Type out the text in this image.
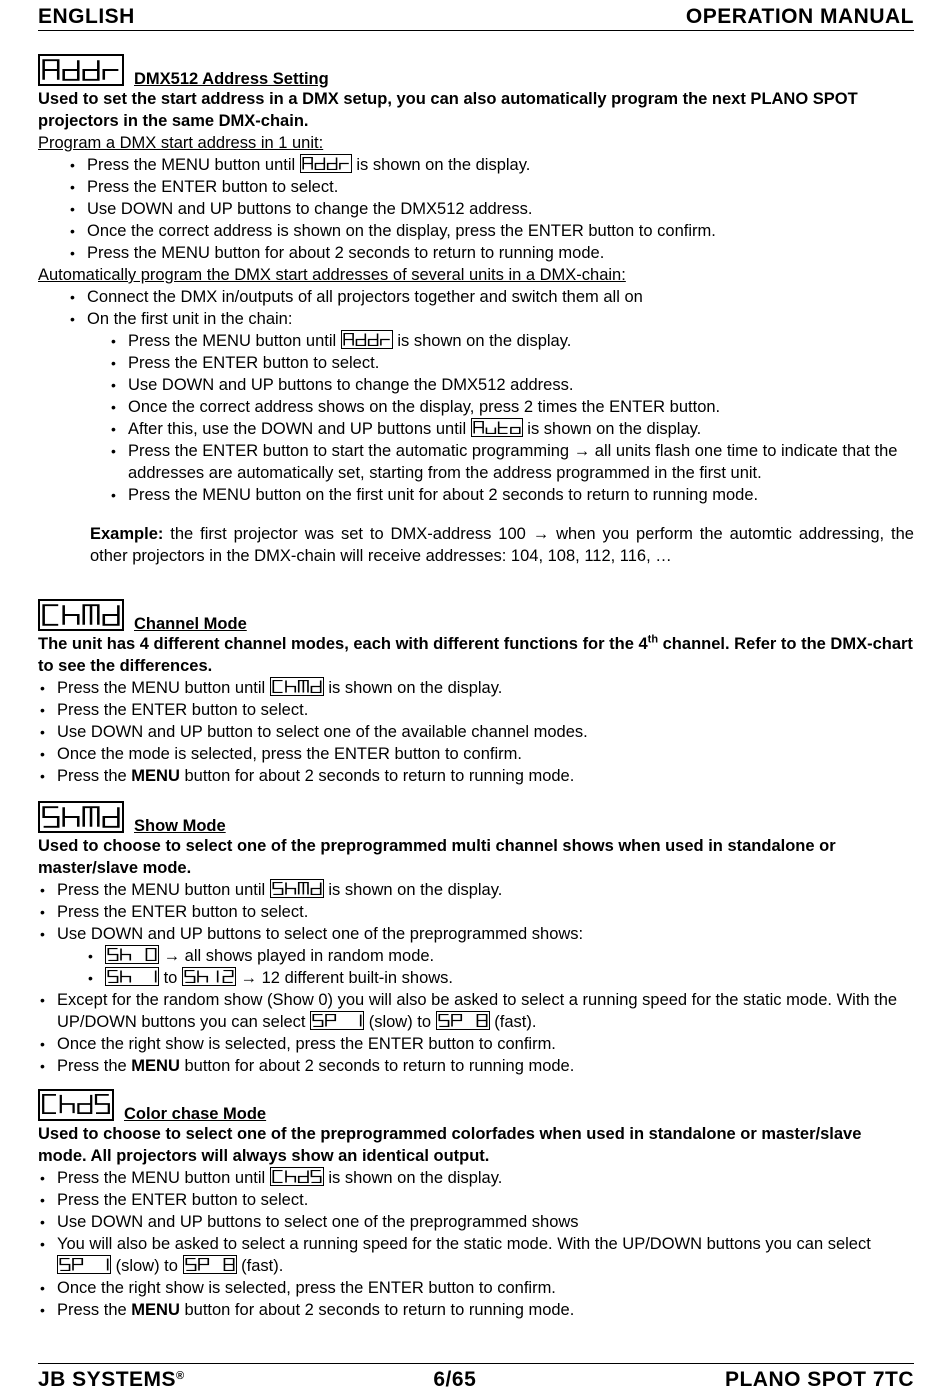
ENGLISH	OPERATION MANUAL
DMX512 Address Setting

Used to set the start address in a DMX setup, you can also automatically program the next PLANO SPOT projectors in the same DMX-chain.

Program a DMX start address in 1 unit:

• Press the MENU button until	is shown on the display.
• Press the ENTER button to select.
• Use DOWN and UP buttons to change the DMX512 address.
• Once the correct address is shown on the display, press the ENTER button to confirm.
• Press the MENU button for about 2 seconds to return to running mode.

Automatically program the DMX start addresses of several units in a DMX-chain:

• Connect the DMX in/outputs of all projectors together and switch them all on
• On the first unit in the chain:
• Press the MENU button until	is shown on the display.
• Press the ENTER button to select.
• Use DOWN and UP buttons to change the DMX512 address.
• Once the correct address shows on the display, press 2 times the ENTER button.
• After this, use the DOWN and UP buttons until	is shown on the display.
• Press the ENTER button to start the automatic programming → all units flash one time to indicate that the addresses are automatically set, starting from the address programmed in the first unit.
• Press the MENU button on the first unit for about 2 seconds to return to running mode.

Example: the first projector was set to DMX-address 100 → when you perform the automtic addressing, the other projectors in the DMX-chain will receive addresses: 104, 108, 112, 116, …

Channel Mode

The unit has 4 different channel modes, each with different functions for the 4th channel. Refer to the DMX-chart to see the differences.

• Press the MENU button until	is shown on the display.
• Press the ENTER button to select.
• Use DOWN and UP button to select one of the available channel modes.
• Once the mode is selected, press the ENTER button to confirm.
• Press the MENU button for about 2 seconds to return to running mode.
Show Mode

Used to choose to select one of the preprogrammed multi channel shows when used in standalone or master/slave mode.

• Press the MENU button until	is shown on the display.
• Press the ENTER button to select.
• Use DOWN and UP buttons to select one of the preprogrammed shows:
• → all shows played in random mode.
• to	→ 12 different built-in shows.
• Except for the random show (Show 0) you will also be asked to select a running speed for the static mode. With the UP/DOWN buttons you can select	(slow) to	(fast).
• Once the right show is selected, press the ENTER button to confirm.
• Press the MENU button for about 2 seconds to return to running mode.
Color chase Mode

Used to choose to select one of the preprogrammed colorfades when used in standalone or master/slave mode. All projectors will always show an identical output.

• Press the MENU button until	is shown on the display.
• Press the ENTER button to select.
• Use DOWN and UP buttons to select one of the preprogrammed shows
• You will also be asked to select a running speed for the static mode. With the UP/DOWN buttons you can select
(slow) to	(fast).
• Once the right show is selected, press the ENTER button to confirm.
• Press the MENU button for about 2 seconds to return to running mode.
JB SYSTEMS®	6/65	PLANO SPOT 7TC
